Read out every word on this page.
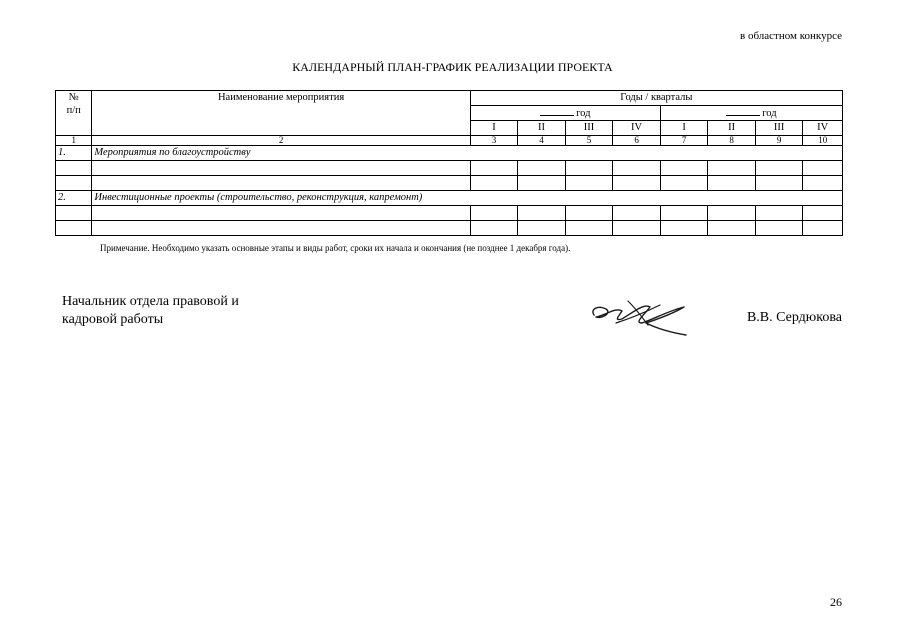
в областном конкурсе
КАЛЕНДАРНЫЙ ПЛАН-ГРАФИК РЕАЛИЗАЦИИ ПРОЕКТА
№
п/п	Наименование мероприятия	Годы / кварталы							
		год				год			
		I	II	III	IV	I	II	III	IV
1	2	3	4	5	6	7	8	9	10
1.	Мероприятия по благоустройству								

2.	Инвестиционные проекты (строительство, реконструкция, капремонт)								

Примечание. Необходимо указать основные этапы и виды работ, сроки их начала и окончания (не позднее 1 декабря года).
Начальник отдела правовой и
кадровой работы	В.В. Сердюкова
26
